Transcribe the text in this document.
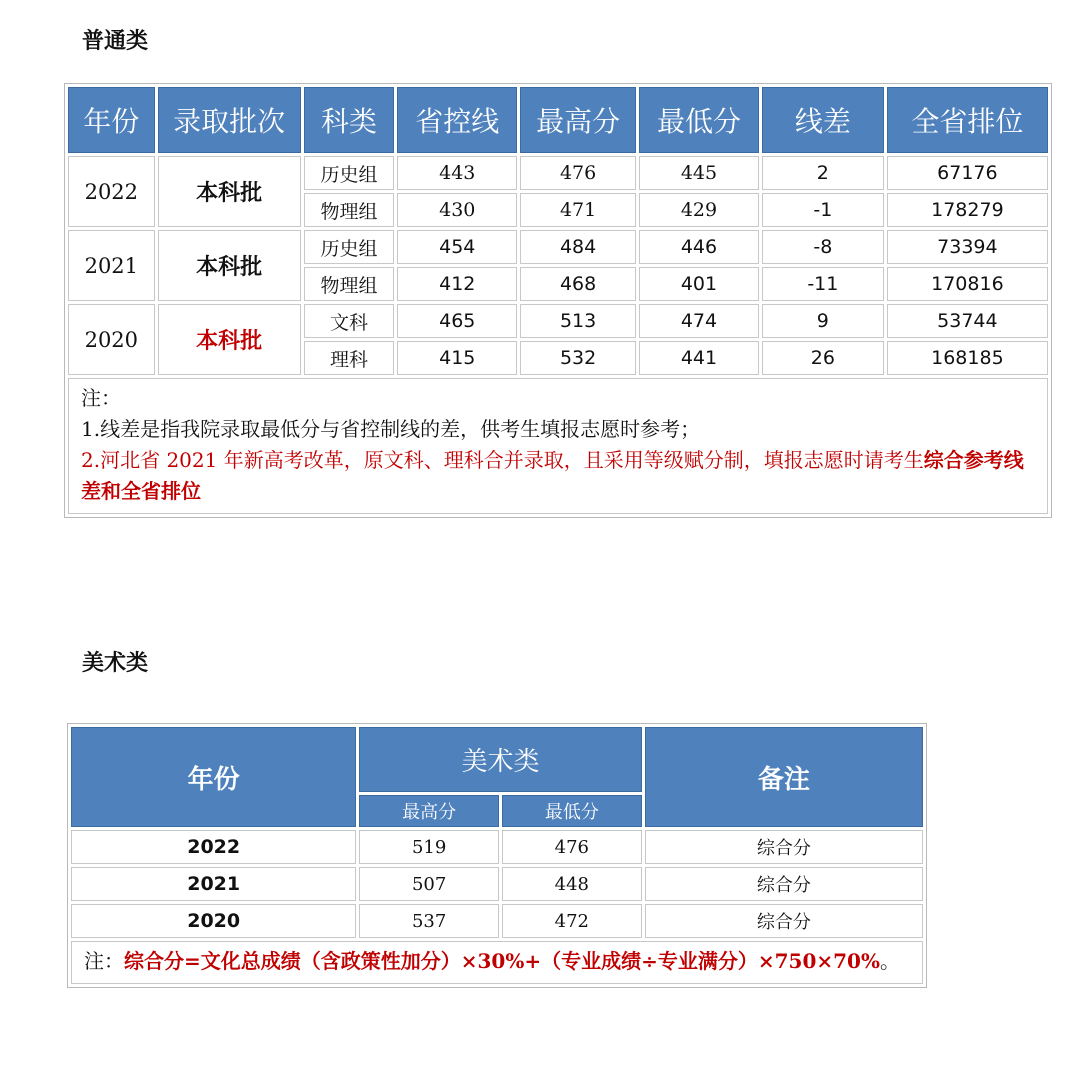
普通类
年份	录取批次	科类	省控线	最高分	最低分	线差	全省排位
2022	本科批	历史组	443	476	445	2	67176
		物理组	430	471	429	-1	178279
2021	本科批	历史组	454	484	446	-8	73394
		物理组	412	468	401	-11	170816
2020	本科批	文科	465	513	474	9	53744
		理科	415	532	441	26	168185

注：
1.线差是指我院录取最低分与省控制线的差，供考生填报志愿时参考；
2.河北省 2021 年新高考改革，原文科、理科合并录取，且采用等级赋分制，填报志愿时请考生综合参考线差和全省排位							
美术类
年份	美术类		备注
	最高分	最低分	
2022	519	476	综合分
2021	507	448	综合分
2020	537	472	综合分
注：综合分=文化总成绩（含政策性加分）×30%+（专业成绩÷专业满分）×750×70%。			
